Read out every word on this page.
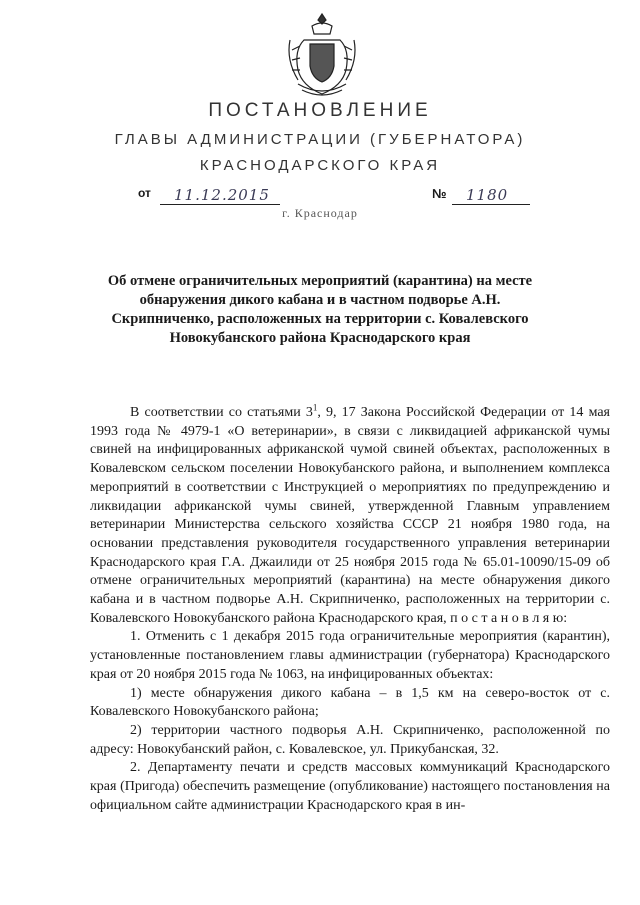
ПОСТАНОВЛЕНИЕ
ГЛАВЫ АДМИНИСТРАЦИИ (ГУБЕРНАТОРА)
КРАСНОДАРСКОГО КРАЯ
от	11.12.2015	№	1180
г. Краснодар
Об отмене ограничительных мероприятий (карантина) на месте обнаружения дикого кабана и в частном подворье А.Н. Скрипниченко, расположенных на территории с. Ковалевского Новокубанского района Краснодарского края

В соответствии со статьями $3^1$, 9, 17 Закона Российской Федерации от 14 мая 1993 года № 4979-1 «О ветеринарии», в связи с ликвидацией африканской чумы свиней на инфицированных африканской чумой свиней объектах, расположенных в Ковалевском сельском поселении Новокубанского района, и выполнением комплекса мероприятий в соответствии с Инструкцией о мероприятиях по предупреждению и ликвидации африканской чумы свиней, утвержденной Главным управлением ветеринарии Министерства сельского хозяйства СССР 21 ноября 1980 года, на основании представления руководителя государственного управления ветеринарии Краснодарского края Г.А. Джаилиди от 25 ноября 2015 года № 65.01-10090/15-09 об отмене ограничительных мероприятий (карантина) на месте обнаружения дикого кабана и в частном подворье А.Н. Скрипниченко, расположенных на территории с. Ковалевского Новокубанского района Краснодарского края, п о с т а н о в л я ю:

1. Отменить с 1 декабря 2015 года ограничительные мероприятия (карантин), установленные постановлением главы администрации (губернатора) Краснодарского края от 20 ноября 2015 года № 1063, на инфицированных объектах:

1) месте обнаружения дикого кабана – в 1,5 км на северо-восток от с. Ковалевского Новокубанского района;

2) территории частного подворья А.Н. Скрипниченко, расположенной по адресу: Новокубанский район, с. Ковалевское, ул. Прикубанская, 32.

2. Департаменту печати и средств массовых коммуникаций Краснодарского края (Пригода) обеспечить размещение (опубликование) настоящего постановления на официальном сайте администрации Краснодарского края в ин-
